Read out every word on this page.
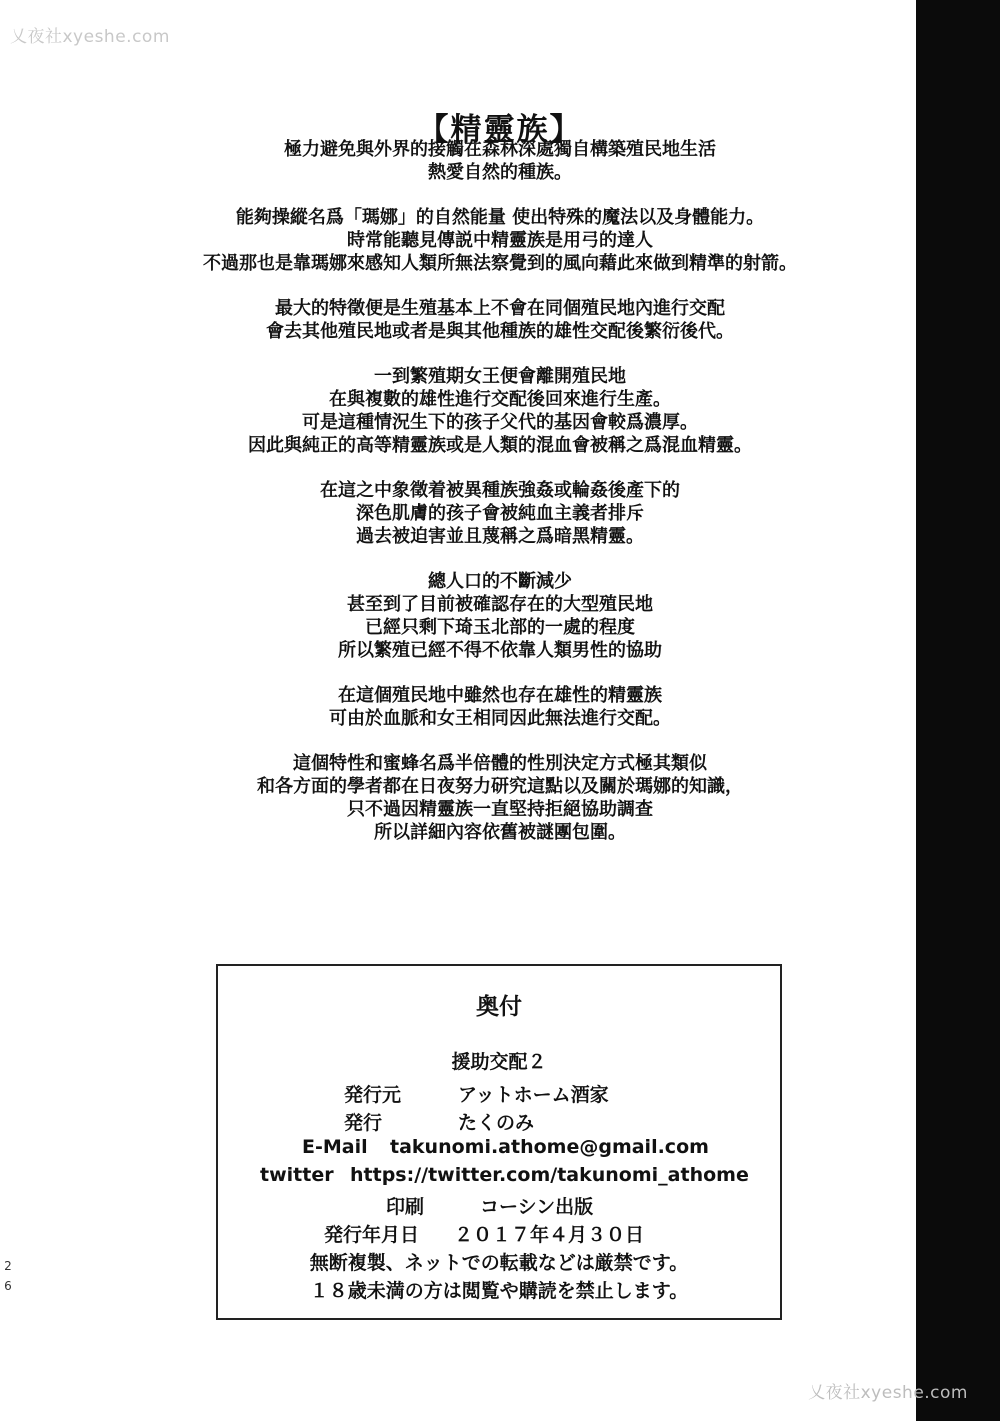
乂夜社xyeshe.com
乂夜社xyeshe.com
2
6
【精靈族】
極力避免與外界的接觸在森林深處獨自構築殖民地生活
熱愛自然的種族。
能夠操縱名爲「瑪娜」的自然能量 使出特殊的魔法以及身體能力。
時常能聽見傳説中精靈族是用弓的達人
不過那也是靠瑪娜來感知人類所無法察覺到的風向藉此來做到精準的射箭。
最大的特徵便是生殖基本上不會在同個殖民地內進行交配
會去其他殖民地或者是與其他種族的雄性交配後繁衍後代。
一到繁殖期女王便會離開殖民地
在與複數的雄性進行交配後回來進行生產。
可是這種情況生下的孩子父代的基因會較爲濃厚。
因此與純正的高等精靈族或是人類的混血會被稱之爲混血精靈。
在這之中象徵着被異種族強姦或輪姦後產下的
深色肌膚的孩子會被純血主義者排斥
過去被迫害並且蔑稱之爲暗黑精靈。
總人口的不斷減少
甚至到了目前被確認存在的大型殖民地
已經只剩下琦玉北部的一處的程度
所以繁殖已經不得不依靠人類男性的協助
在這個殖民地中雖然也存在雄性的精靈族
可由於血脈和女王相同因此無法進行交配。
這個特性和蜜蜂名爲半倍體的性別決定方式極其類似
和各方面的學者都在日夜努力研究這點以及關於瑪娜的知識，
只不過因精靈族一直堅持拒絕協助調查
所以詳細內容依舊被謎團包圍。
奥付
援助交配２
発行元	アットホーム酒家
発行	たくのみ
E-Mail takunomi.athome@gmail.com
twitter https://twitter.com/takunomi_athome
印刷	コーシン出版
発行年月日 ２０１７年４月３０日
無断複製、ネットでの転載などは厳禁です。
１８歳未満の方は閲覧や購読を禁止します。
